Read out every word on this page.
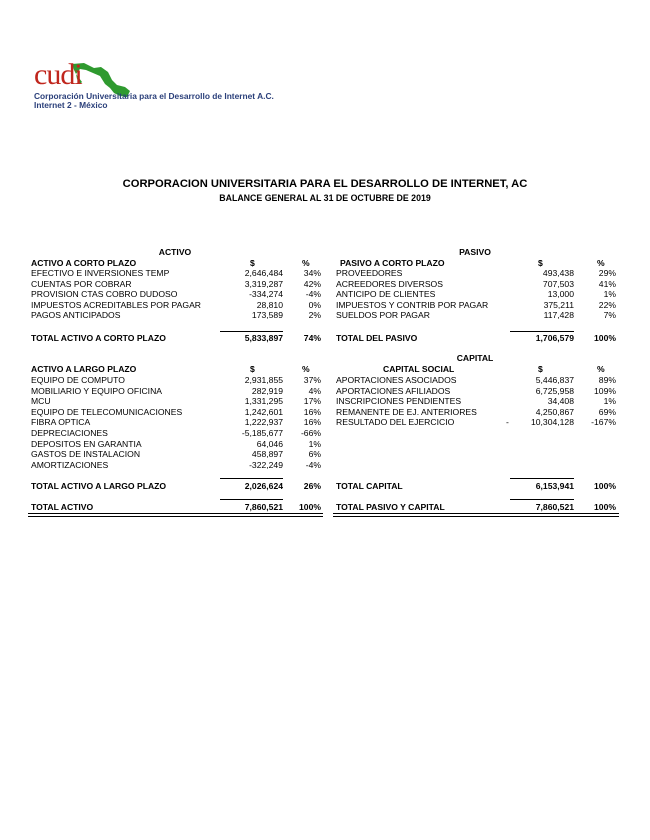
cudi
Corporación Universitaria para el Desarrollo de Internet A.C.
Internet 2 - México
CORPORACION UNIVERSITARIA PARA EL DESARROLLO DE INTERNET, AC
BALANCE GENERAL AL 31 DE OCTUBRE DE 2019
ACTIVO
ACTIVO A CORTO PLAZO	$	%
EFECTIVO E INVERSIONES TEMP	2,646,484	34%
CUENTAS POR COBRAR	3,319,287	42%
PROVISION CTAS COBRO DUDOSO	-334,274	-4%
IMPUESTOS ACREDITABLES POR PAGAR	28,810	0%
PAGOS ANTICIPADOS	173,589	2%
TOTAL ACTIVO A CORTO PLAZO	5,833,897	74%
ACTIVO A LARGO PLAZO	$	%
EQUIPO DE COMPUTO	2,931,855	37%
MOBILIARIO Y EQUIPO OFICINA	282,919	4%
MCU	1,331,295	17%
EQUIPO DE TELECOMUNICACIONES	1,242,601	16%
FIBRA OPTICA	1,222,937	16%
DEPRECIACIONES	-5,185,677	-66%
DEPOSITOS EN GARANTIA	64,046	1%
GASTOS DE INSTALACION	458,897	6%
AMORTIZACIONES	-322,249	-4%
TOTAL ACTIVO A LARGO PLAZO	2,026,624	26%
TOTAL ACTIVO	7,860,521	100%
PASIVO
PASIVO A CORTO PLAZO	$	%
PROVEEDORES	493,438	29%
ACREEDORES DIVERSOS	707,503	41%
ANTICIPO DE CLIENTES	13,000	1%
IMPUESTOS Y CONTRIB POR PAGAR	375,211	22%
SUELDOS POR PAGAR	117,428	7%
TOTAL DEL PASIVO	1,706,579	100%
CAPITAL
CAPITAL SOCIAL	$	%
APORTACIONES ASOCIADOS	5,446,837	89%
APORTACIONES AFILIADOS	6,725,958	109%
INSCRIPCIONES PENDIENTES	34,408	1%
REMANENTE DE EJ. ANTERIORES	4,250,867	69%
RESULTADO DEL EJERCICIO	-	10,304,128	-167%
TOTAL CAPITAL	6,153,941	100%
TOTAL PASIVO Y CAPITAL	7,860,521	100%
